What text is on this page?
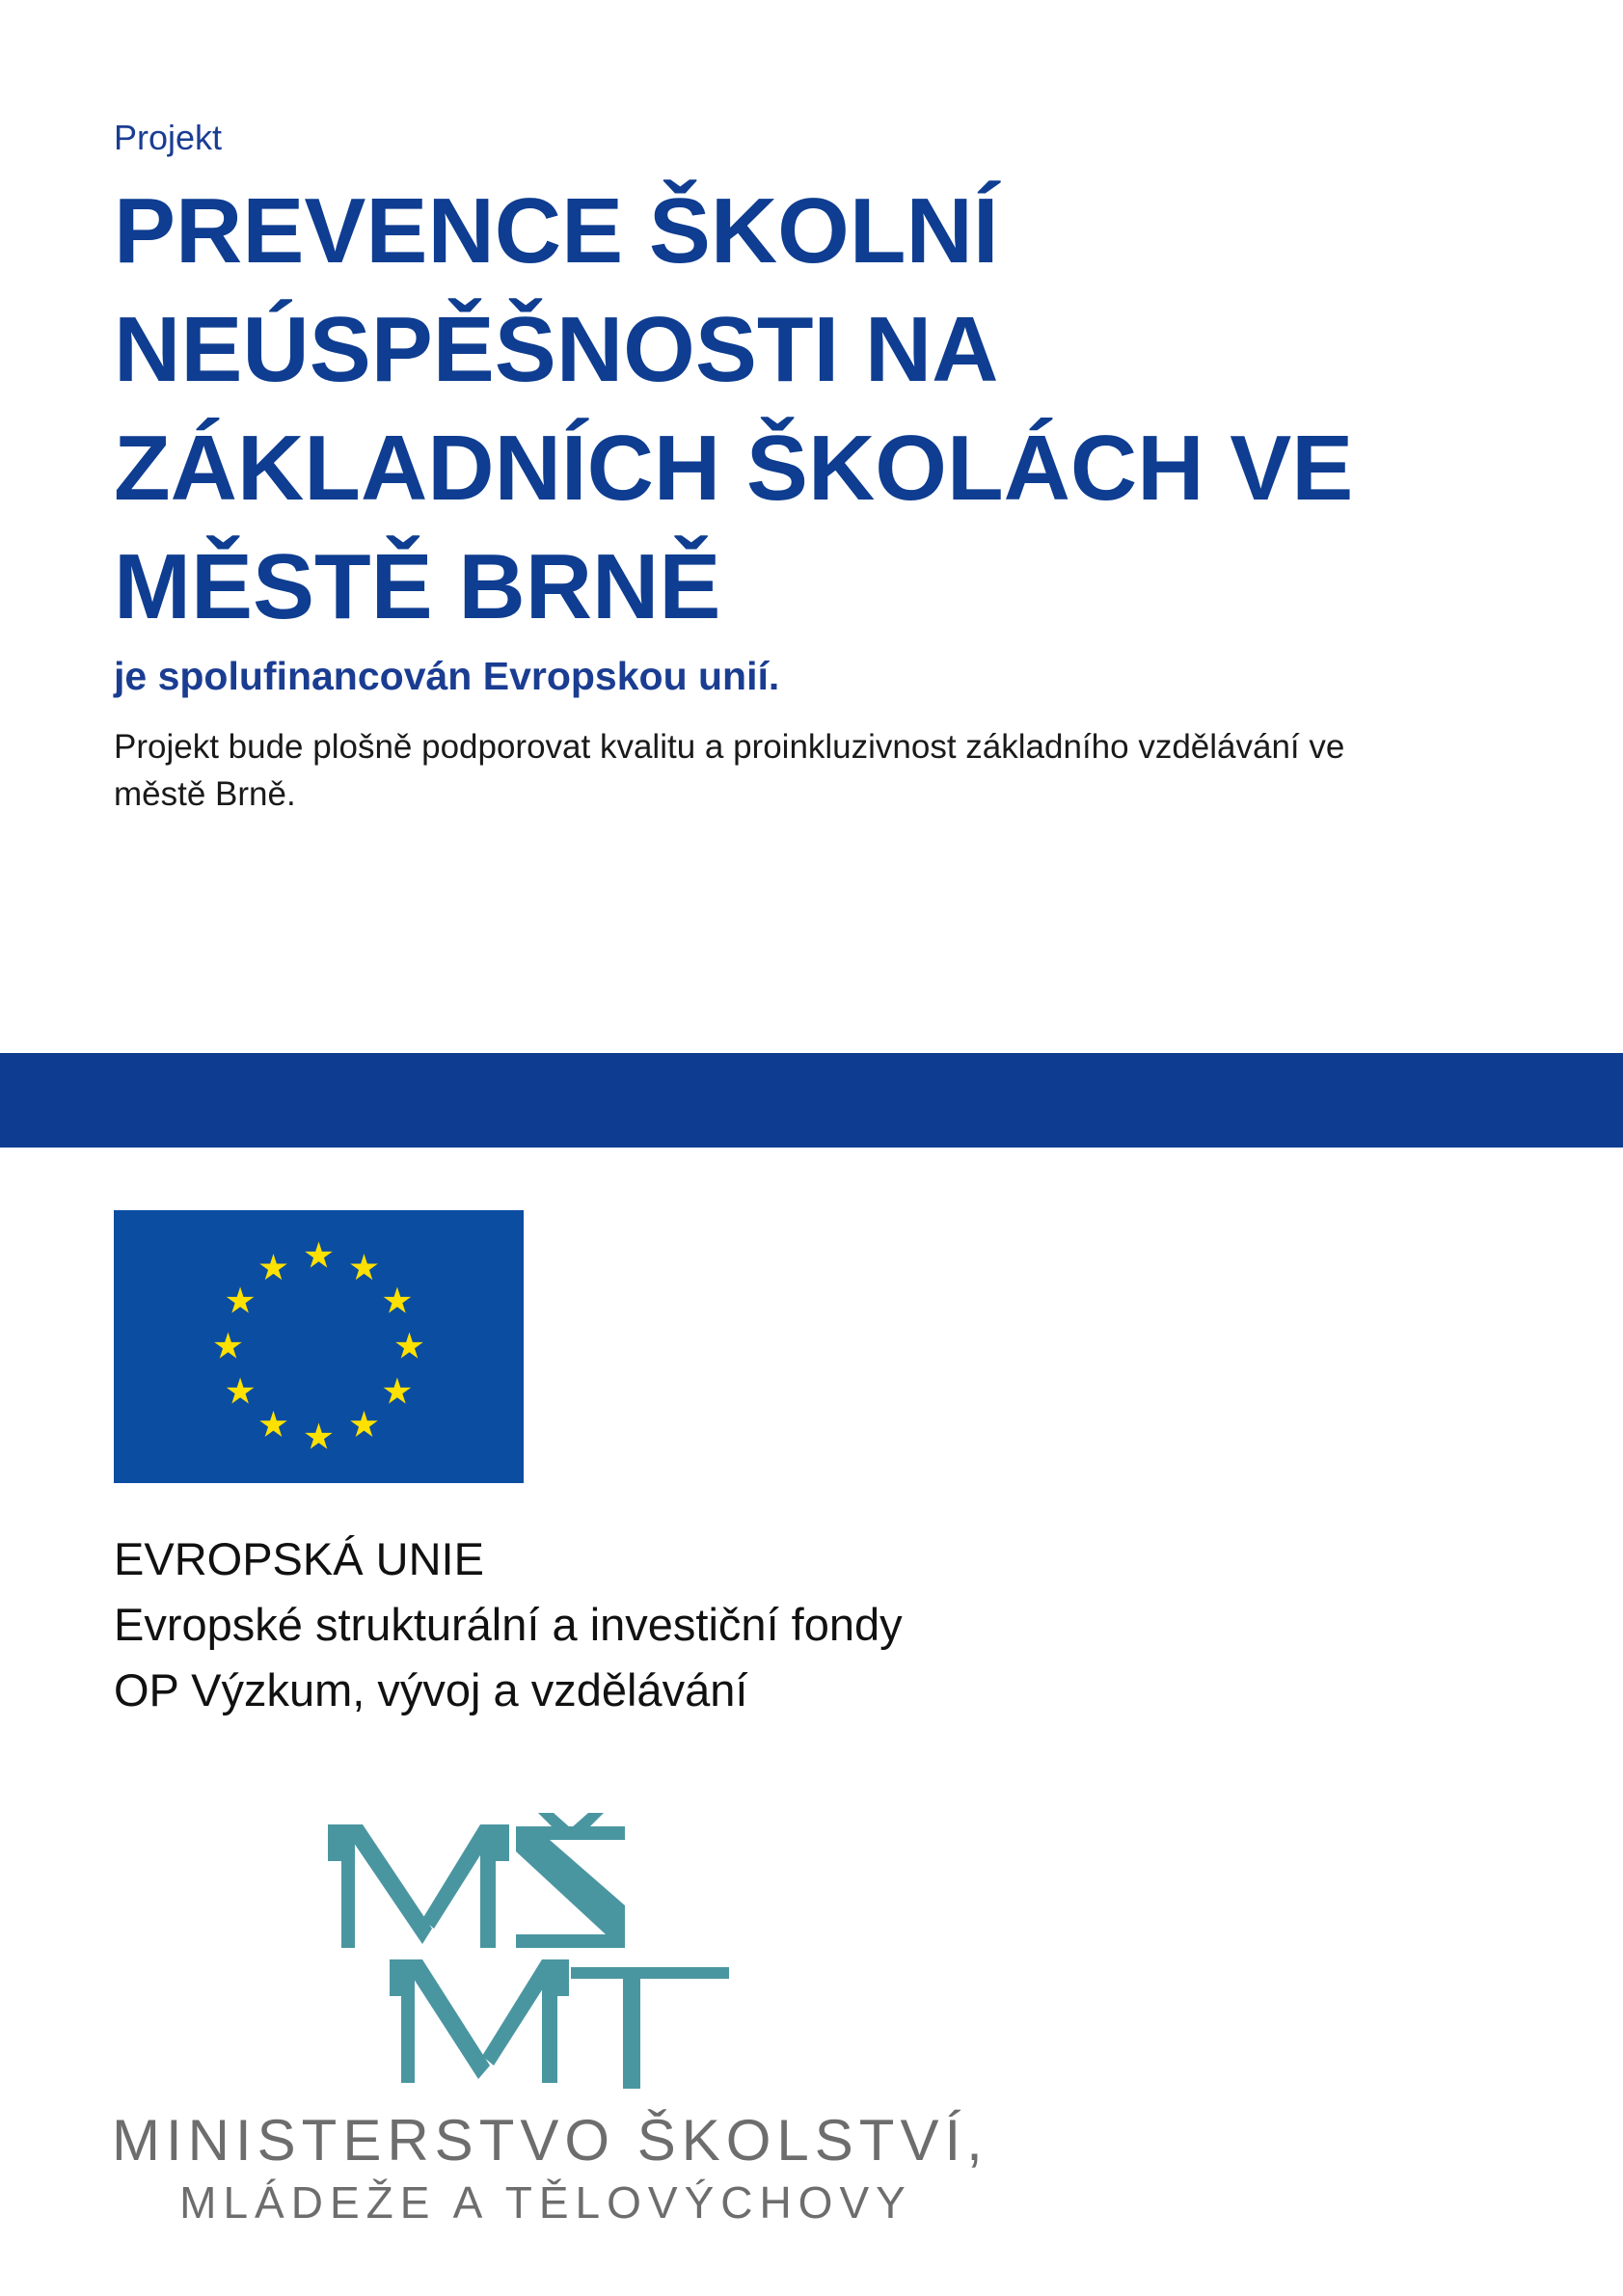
Projekt
PREVENCE ŠKOLNÍ
NEÚSPĚŠNOSTI NA
ZÁKLADNÍCH ŠKOLÁCH VE
MĚSTĚ BRNĚ
je spolufinancován Evropskou unií.
Projekt bude plošně podporovat kvalitu a proinkluzivnost základního vzdělávání ve
městě Brně.
EVROPSKÁ UNIE
Evropské strukturální a investiční fondy
OP Výzkum, vývoj a vzdělávání
MINISTERSTVO ŠKOLSTVÍ,
MLÁDEŽE A TĚLOVÝCHOVY
